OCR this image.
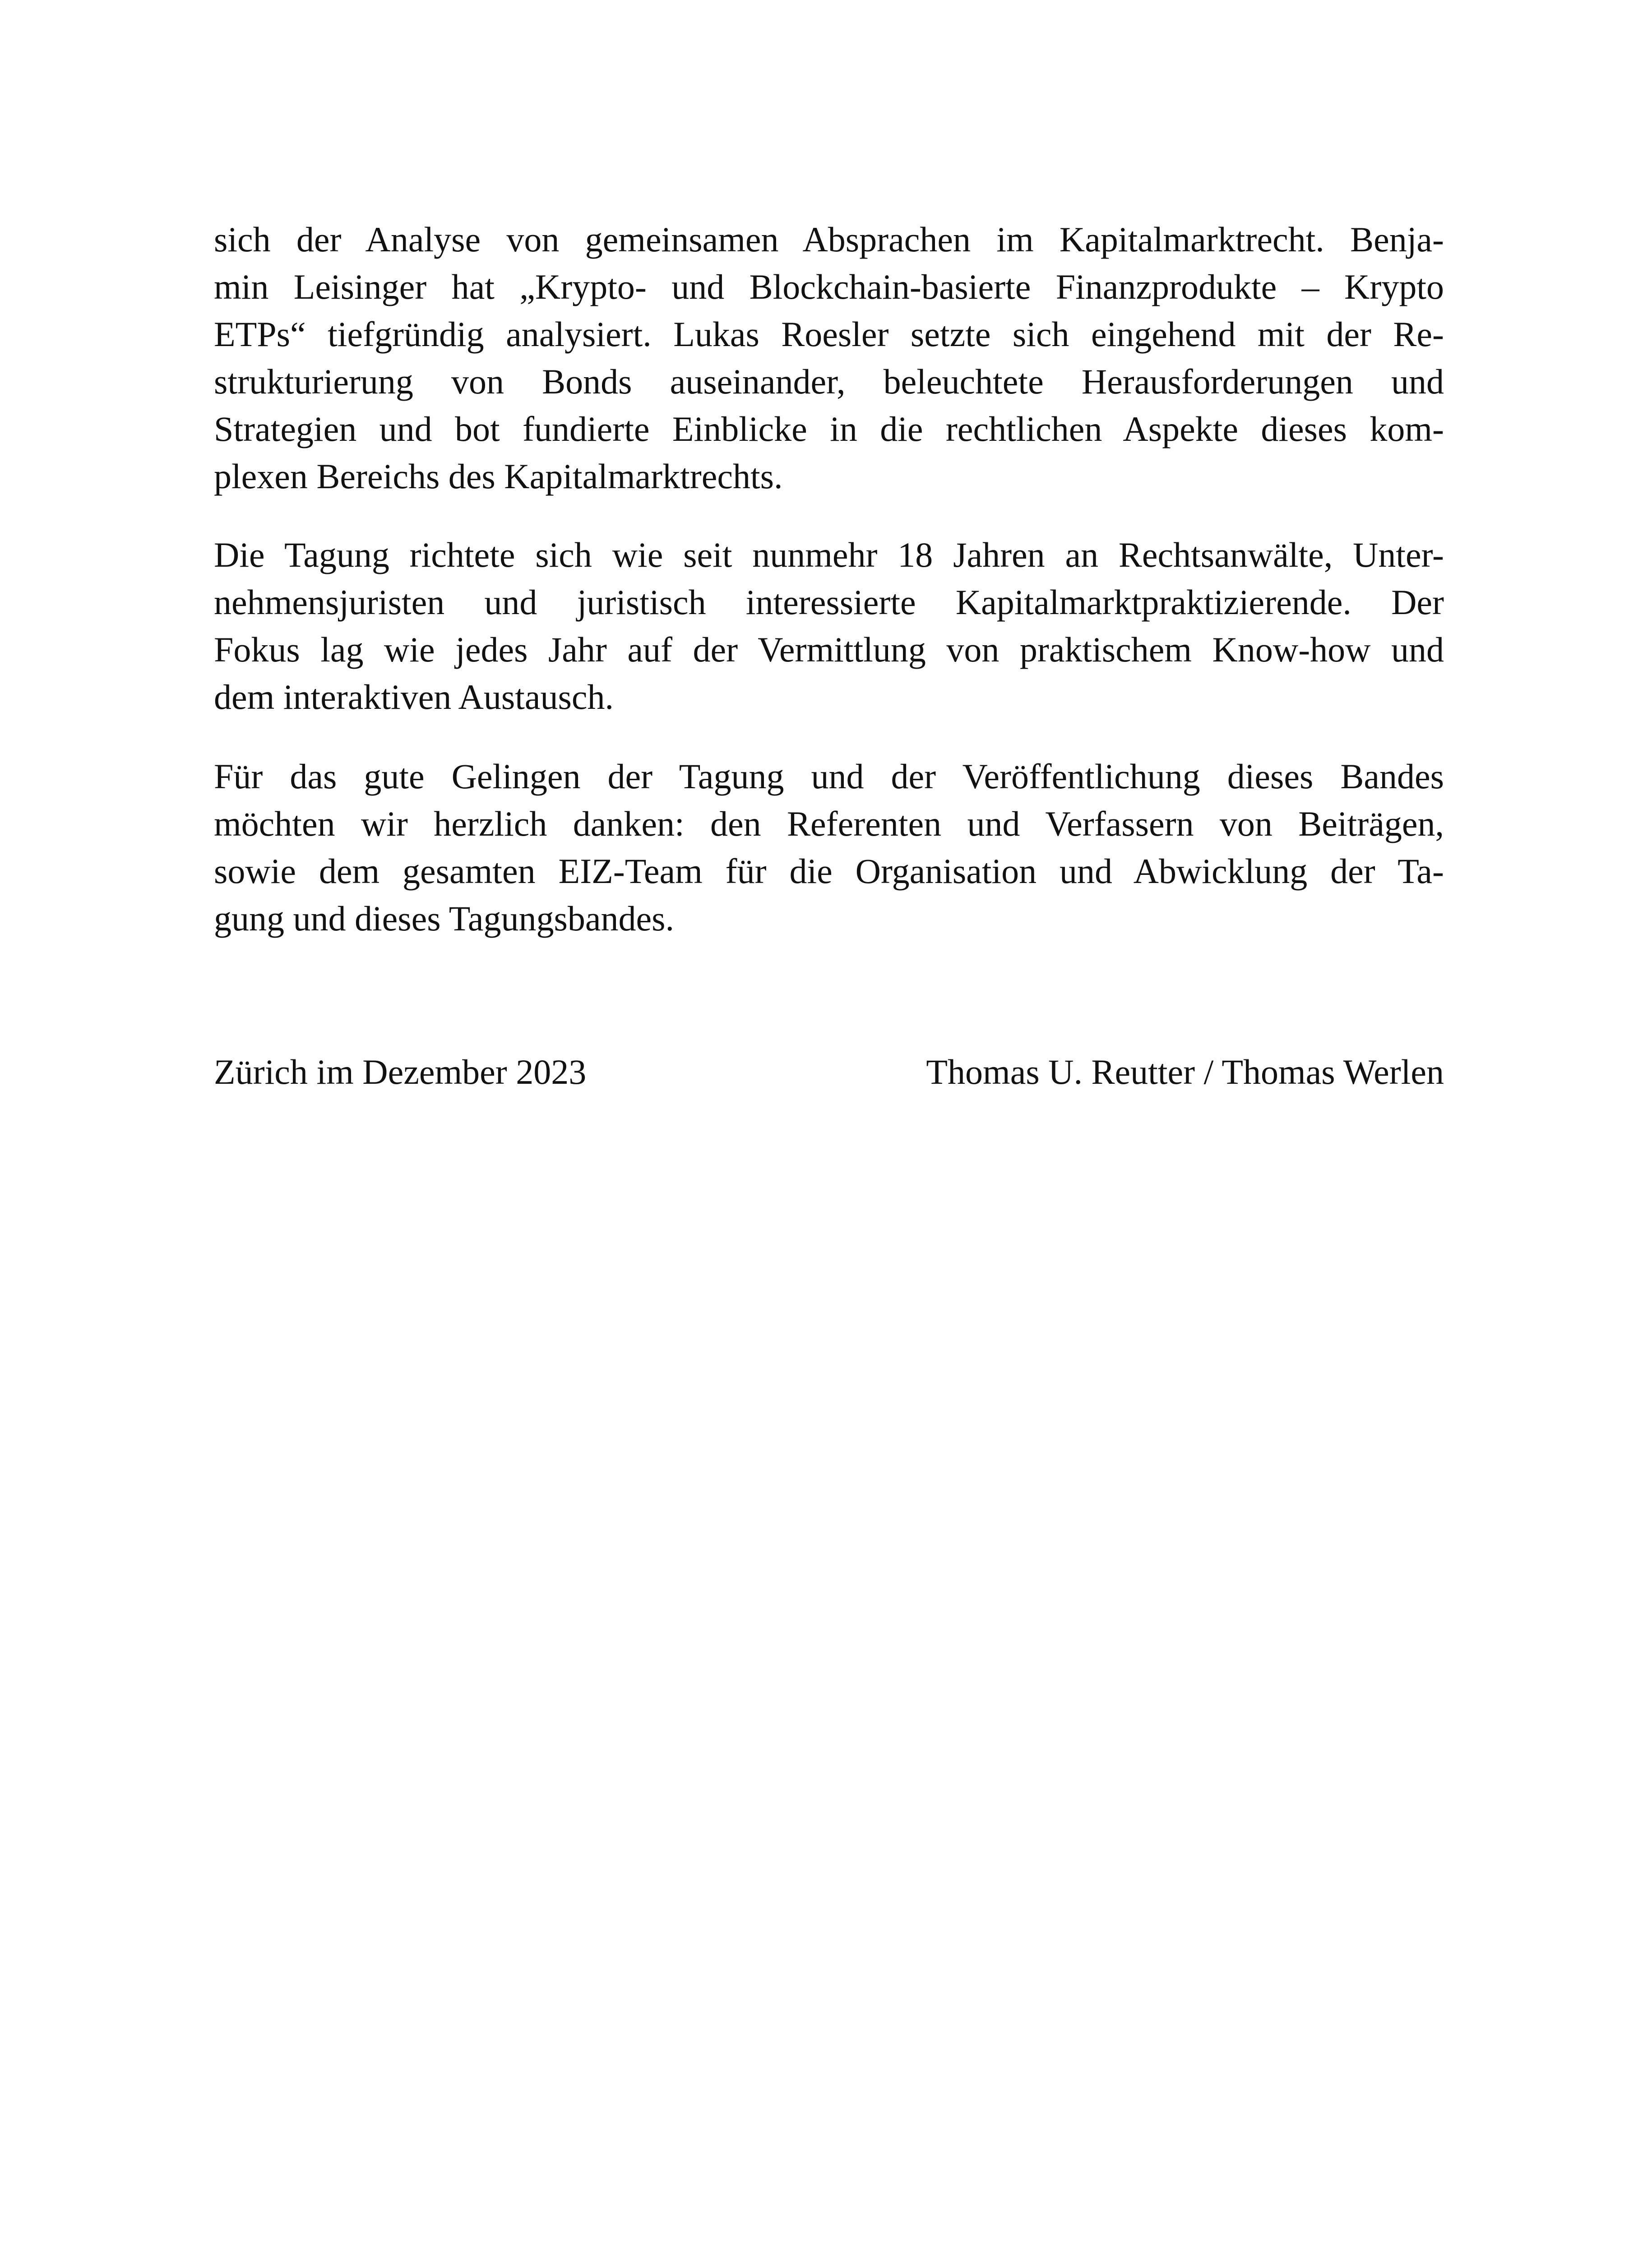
sich der Analyse von gemeinsamen Absprachen im Kapitalmarktrecht. Benja-
min Leisinger hat „Krypto- und Blockchain-basierte Finanzprodukte – Krypto
ETPs“ tiefgründig analysiert. Lukas Roesler setzte sich eingehend mit der Re-
strukturierung von Bonds auseinander, beleuchtete Herausforderungen und
Strategien und bot fundierte Einblicke in die rechtlichen Aspekte dieses kom-
plexen Bereichs des Kapitalmarktrechts.
Die Tagung richtete sich wie seit nunmehr 18 Jahren an Rechtsanwälte, Unter-
nehmensjuristen und juristisch interessierte Kapitalmarktpraktizierende. Der
Fokus lag wie jedes Jahr auf der Vermittlung von praktischem Know-how und
dem interaktiven Austausch.
Für das gute Gelingen der Tagung und der Veröffentlichung dieses Bandes
möchten wir herzlich danken: den Referenten und Verfassern von Beiträgen,
sowie dem gesamten EIZ-Team für die Organisation und Abwicklung der Ta-
gung und dieses Tagungsbandes.
Zürich im Dezember 2023	Thomas U. Reutter / Thomas Werlen
